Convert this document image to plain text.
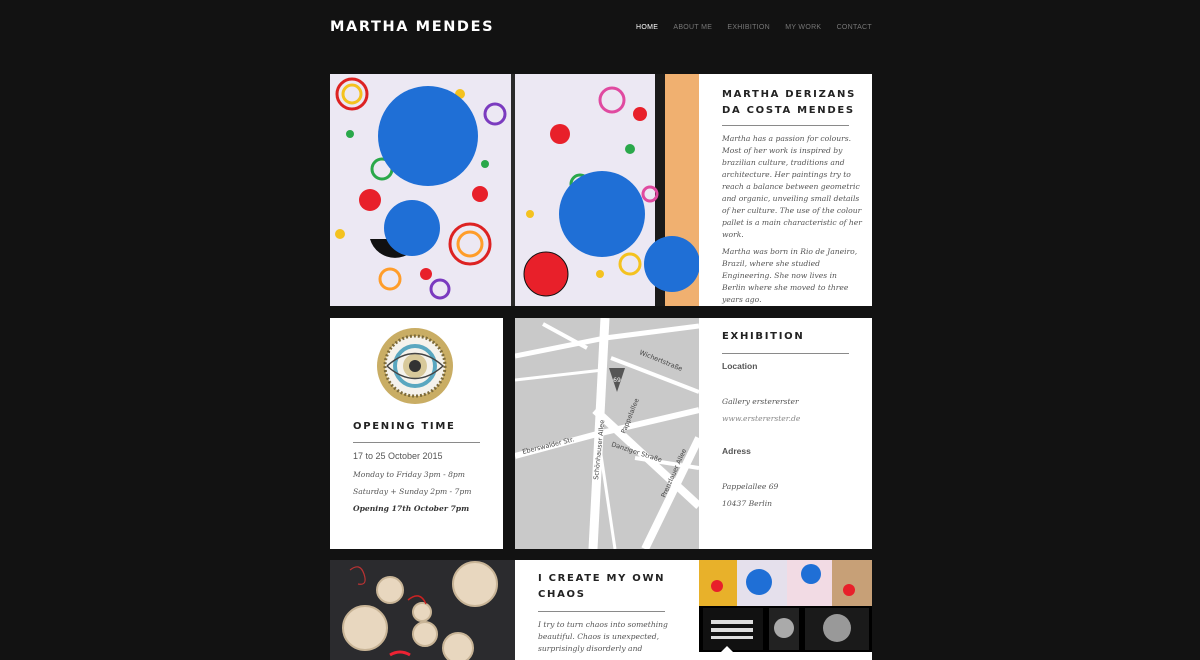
MARTHA MENDES	HOME ABOUT ME EXHIBITION MY WORK CONTACT
MARTHA DERIZANS
DA COSTA MENDES
Martha has a passion for colours. Most of her work is inspired by brazilian culture, traditions and architecture. Her paintings try to reach a balance between geometric and organic, unveiling small details of her culture. The use of the colour pallet is a main characteristic of her work.
Martha was born in Rio de Janeiro, Brazil, where she studied Engineering. She now lives in Berlin where she moved to three years ago.
OPENING TIME
17 to 25 October 2015
Monday to Friday 3pm - 8pm
Saturday + Sunday 2pm - 7pm
Opening 17th October 7pm
69
Wichertstraße
Pappelallee
Eberswalder Str.	Schönhauser Allee Danziger Straße
Prenzlauer Allee
EXHIBITION
Location
Gallery erstererster
www.erstererster.de
Adress
Pappelallee 69
10437 Berlin
I CREATE MY OWN
CHAOS
I try to turn chaos into something beautiful. Chaos is unexpected, surprisingly disorderly and
